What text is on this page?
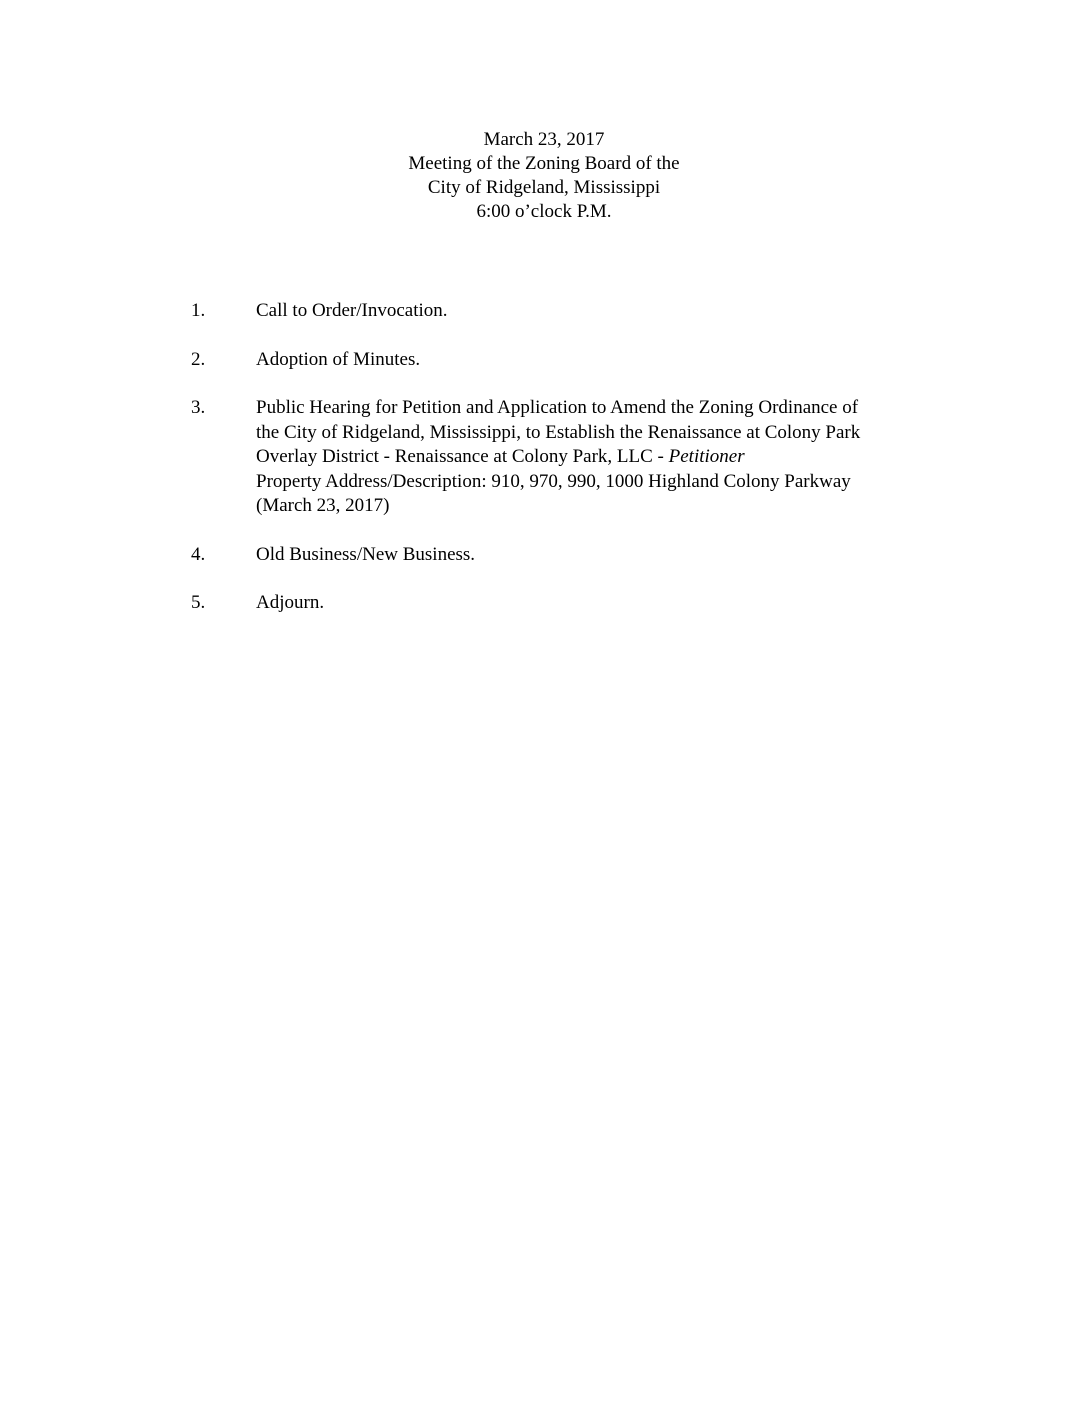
March 23, 2017
Meeting of the Zoning Board of the
City of Ridgeland, Mississippi
6:00 o’clock P.M.
1.	Call to Order/Invocation.
2.	Adoption of Minutes.
3.	Public Hearing for Petition and Application to Amend the Zoning Ordinance of
the City of Ridgeland, Mississippi, to Establish the Renaissance at Colony Park
Overlay District - Renaissance at Colony Park, LLC - Petitioner
Property Address/Description: 910, 970, 990, 1000 Highland Colony Parkway
(March 23, 2017)
4.	Old Business/New Business.
5.	Adjourn.
